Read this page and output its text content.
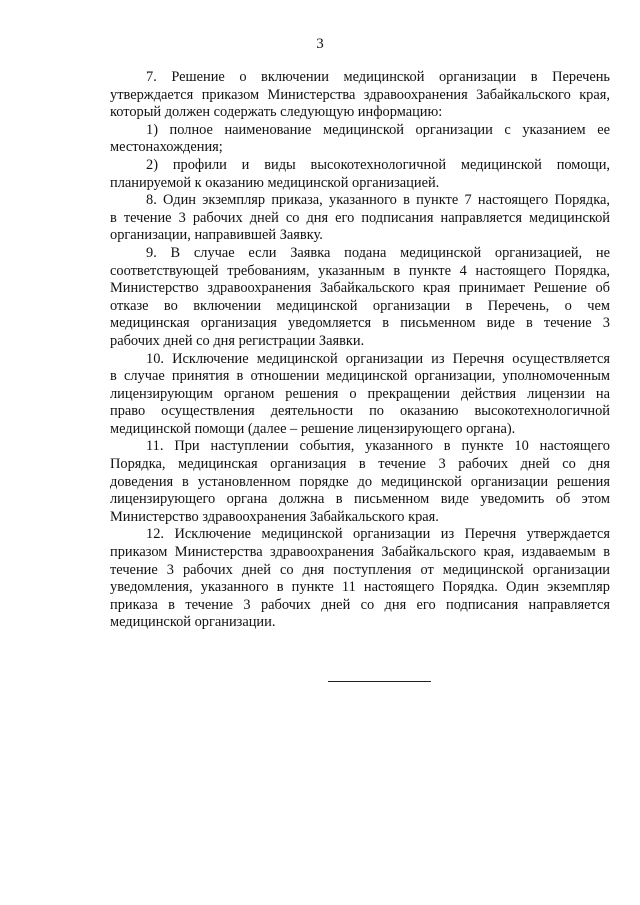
3
7. Решение о включении медицинской организации в Перечень
утверждается приказом Министерства здравоохранения Забайкальского края,
который должен содержать следующую информацию:
1) полное наименование медицинской организации с указанием ее
местонахождения;
2) профили и виды высокотехнологичной медицинской помощи,
планируемой к оказанию медицинской организацией.
8. Один экземпляр приказа, указанного в пункте 7 настоящего Порядка,
в течение 3 рабочих дней со дня его подписания направляется медицинской
организации, направившей Заявку.
9. В случае если Заявка подана медицинской организацией, не
соответствующей требованиям, указанным в пункте 4 настоящего Порядка,
Министерство здравоохранения Забайкальского края принимает Решение об
отказе во включении медицинской организации в Перечень, о чем
медицинская организация уведомляется в письменном виде в течение 3
рабочих дней со дня регистрации Заявки.
10. Исключение медицинской организации из Перечня осуществляется
в случае принятия в отношении медицинской организации, уполномоченным
лицензирующим органом решения о прекращении действия лицензии на
право осуществления деятельности по оказанию высокотехнологичной
медицинской помощи (далее – решение лицензирующего органа).
11. При наступлении события, указанного в пункте 10 настоящего
Порядка, медицинская организация в течение 3 рабочих дней со дня
доведения в установленном порядке до медицинской организации решения
лицензирующего органа должна в письменном виде уведомить об этом
Министерство здравоохранения Забайкальского края.
12. Исключение медицинской организации из Перечня утверждается
приказом Министерства здравоохранения Забайкальского края, издаваемым в
течение 3 рабочих дней со дня поступления от медицинской организации
уведомления, указанного в пункте 11 настоящего Порядка. Один экземпляр
приказа в течение 3 рабочих дней со дня его подписания направляется
медицинской организации.
